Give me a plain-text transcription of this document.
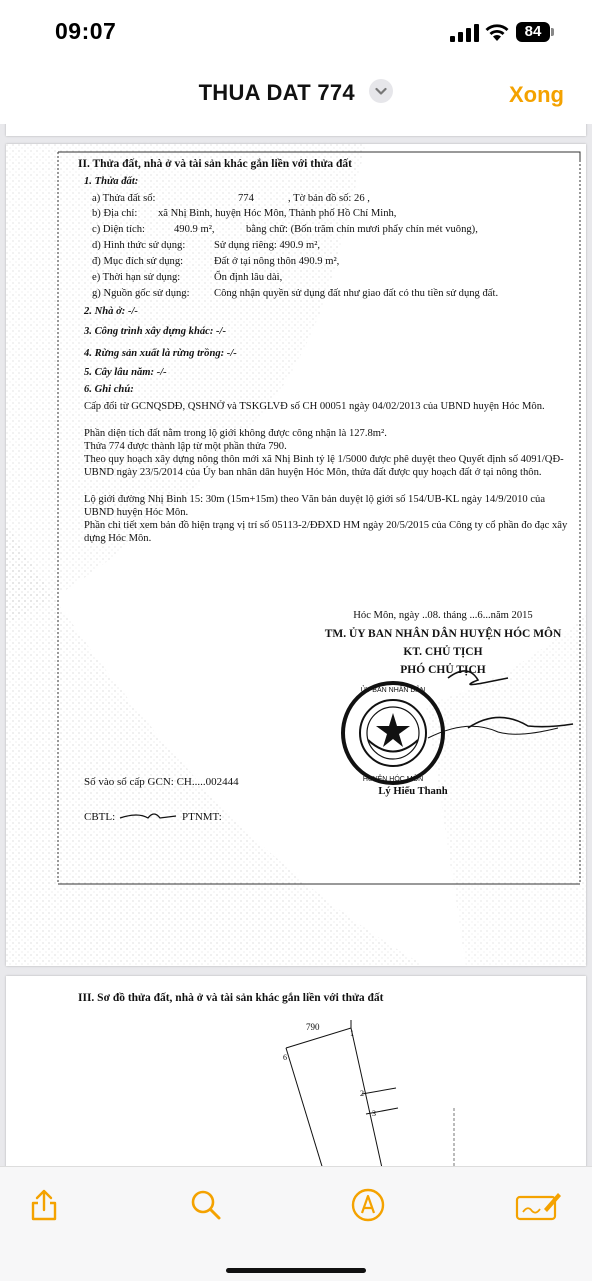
09:07	84
THUA DAT 774	Xong
II. Thửa đất, nhà ở và tài sản khác gắn liền với thửa đất
1. Thửa đất:
a) Thửa đất số:	774	, Tờ bản đồ số: 26 ,
b) Địa chỉ: xã Nhị Bình, huyện Hóc Môn, Thành phố Hồ Chí Minh,
c) Diện tích:	490.9 m²,	bằng chữ: (Bốn trăm chín mươi phẩy chín mét vuông),
d) Hình thức sử dụng:	Sử dụng riêng: 490.9 m²,
đ) Mục đích sử dụng:	Đất ở tại nông thôn 490.9 m²,
e) Thời hạn sử dụng:	Ổn định lâu dài,
g) Nguồn gốc sử dụng: Công nhận quyền sử dụng đất như giao đất có thu tiền sử dụng đất.
2. Nhà ở: -/-
3. Công trình xây dựng khác: -/-
4. Rừng sản xuất là rừng trồng: -/-
5. Cây lâu năm: -/-
6. Ghi chú:
Cấp đổi từ GCNQSDĐ, QSHNỞ và TSKGLVĐ số CH 00051 ngày 04/02/2013 của UBND huyện Hóc Môn.
Phần diện tích đất nằm trong lộ giới không được công nhận là 127.8m².
Thửa 774 được thành lập từ một phần thửa 790.
Theo quy hoạch xây dựng nông thôn mới xã Nhị Bình tỷ lệ 1/5000 được phê duyệt theo Quyết định số 4091/QĐ-UBND ngày 23/5/2014 của Ủy ban nhân dân huyện Hóc Môn, thửa đất được quy hoạch đất ở tại nông thôn.
Lộ giới đường Nhị Bình 15: 30m (15m+15m) theo Văn bản duyệt lộ giới số 154/UB-KL ngày 14/9/2010 của UBND huyện Hóc Môn.
Phần chi tiết xem bản đồ hiện trạng vị trí số 05113-2/ĐĐXD HM ngày 20/5/2015 của Công ty cổ phần đo đạc xây dựng Hóc Môn.
Hóc Môn, ngày ..08. tháng ...6...năm 2015
TM. ỦY BAN NHÂN DÂN HUYỆN HÓC MÔN
KT. CHỦ TỊCH
PHÓ CHỦ TỊCH
ỦY BAN NHÂN DÂN
HUYỆN HÓC MÔN
Lý Hiếu Thanh
Số vào sổ cấp GCN: CH.....002444
CBTL:	PTNMT:
III. Sơ đồ thửa đất, nhà ở và tài sản khác gắn liền với thửa đất
790
1
6
2
3
